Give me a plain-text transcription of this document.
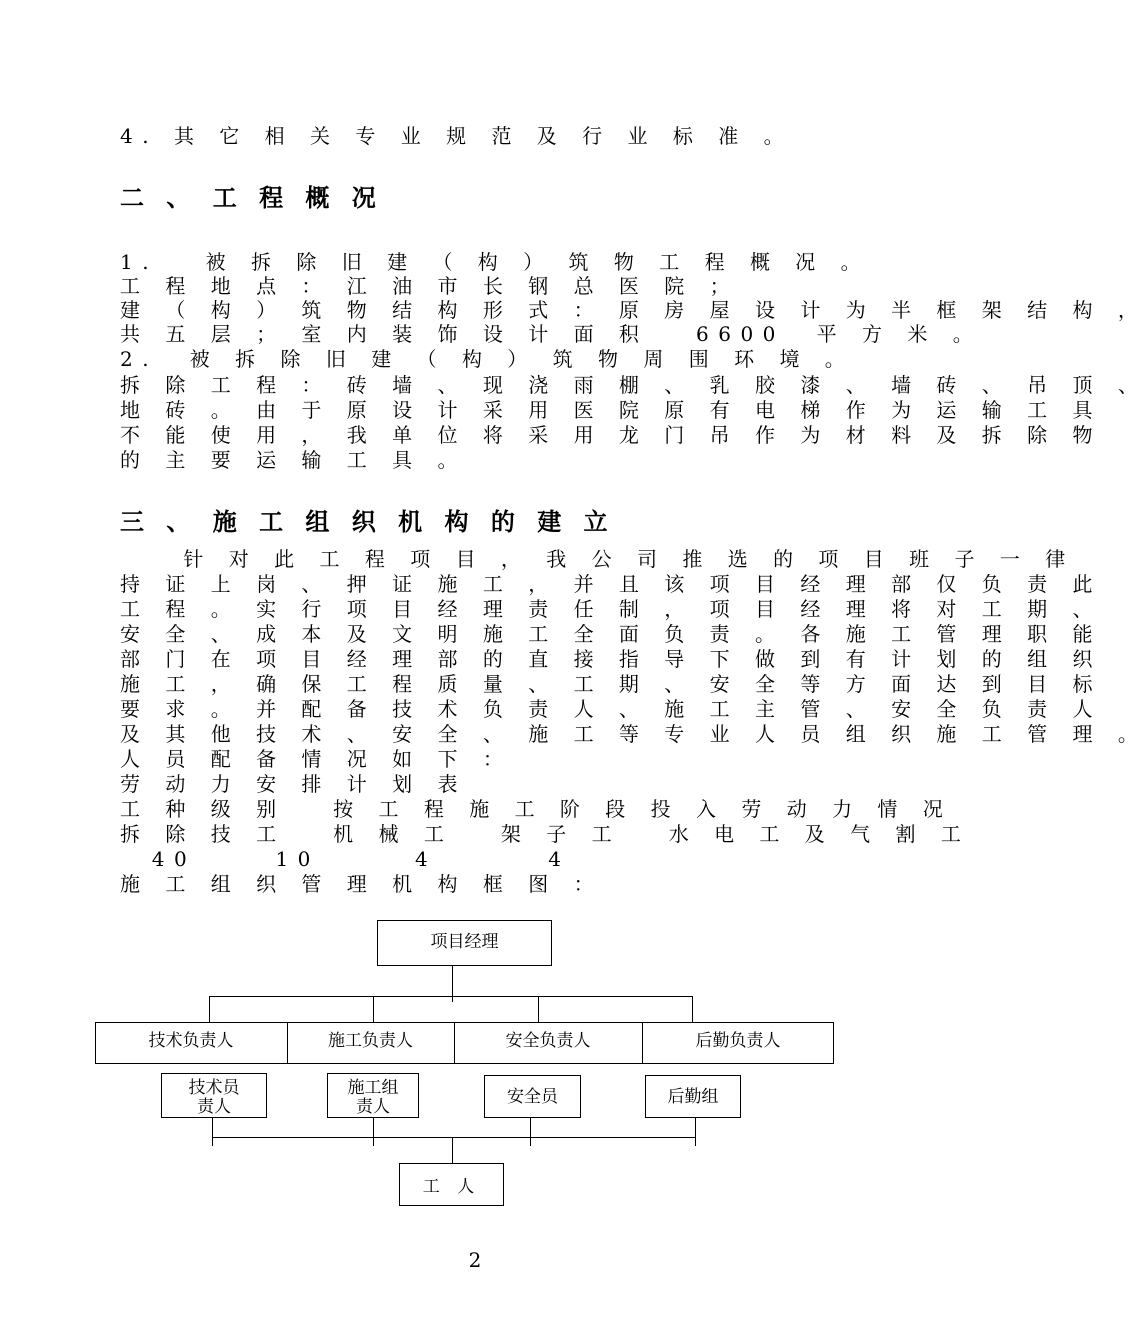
4. 其 它 相 关 专 业 规 范 及 行 业 标 准 。
二 、 工 程 概 况
1.   被 拆 除 旧 建 （ 构 ） 筑 物 工 程 概 况 。
工 程 地 点 ： 江 油 市 长 钢 总 医 院 ；
建 （ 构 ） 筑 物 结 构 形 式 ： 原 房 屋 设 计 为 半 框 架 结 构 ，
共 五 层 ； 室 内 装 饰 设 计 面 积   6600  平 方 米 。
2.  被 拆 除 旧 建 （ 构 ） 筑 物 周 围 环 境 。
拆 除 工 程 ： 砖 墙 、 现 浇 雨 棚 、 乳 胶 漆 、 墙 砖 、 吊 顶 、
地 砖 。 由 于 原 设 计 采 用 医 院 原 有 电 梯 作 为 运 输 工 具
不 能 使 用 ， 我 单 位 将 采 用 龙 门 吊 作 为 材 料 及 拆 除 物
的 主 要 运 输 工 具 。
三 、 施 工 组 织 机 构 的 建 立
针 对 此 工 程 项 目 ， 我 公 司 推 选 的 项 目 班 子 一 律
持 证 上 岗 、 押 证 施 工 ， 并 且 该 项 目 经 理 部 仅 负 责 此
工 程 。 实 行 项 目 经 理 责 任 制 ， 项 目 经 理 将 对 工 期 、
安 全 、 成 本 及 文 明 施 工 全 面 负 责 。 各 施 工 管 理 职 能
部 门 在 项 目 经 理 部 的 直 接 指 导 下 做 到 有 计 划 的 组 织
施 工 ， 确 保 工 程 质 量 、 工 期 、 安 全 等 方 面 达 到 目 标
要 求 。 并 配 备 技 术 负 责 人 、 施 工 主 管 、 安 全 负 责 人
及 其 他 技 术 、 安 全 、 施 工 等 专 业 人 员 组 织 施 工 管 理 。
人 员 配 备 情 况 如 下 ：
劳 动 力 安 排 计 划 表
工 种 级 别   按 工 程 施 工 阶 段 投 入 劳 动 力 情 况
拆 除 技 工   机 械 工   架 子 工   水 电 工 及 气 割 工
40     10      4       4
施 工 组 织 管 理 机 构 框 图 ：
项目经理
技术负责人	施工负责人	安全负责人	后勤负责人
技术员
责人
施工组
责人	安全员	后勤组
工 人
2
